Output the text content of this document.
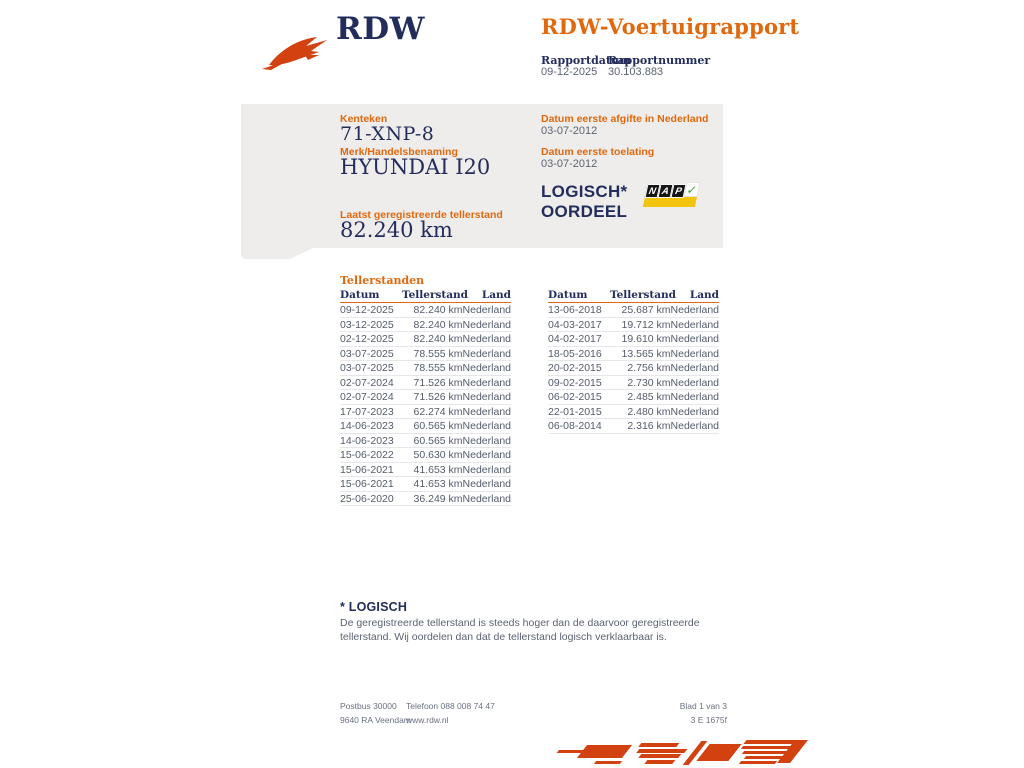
RDW	RDW-Voertuigrapport
Rapportdatum
Rapportnummer
09-12-2025 30.103.883
Kenteken
71-XNP-8
Merk/Handelsbenaming
HYUNDAI I20
Laatst geregistreerde tellerstand
82.240 km
Datum eerste afgifte in Nederland
03-07-2012
Datum eerste toelating
03-07-2012
LOGISCH*
OORDEEL
N A P ✓
Tellerstanden
Datum	Tellerstand	Land
09-12-2025	82.240 km Nederland
03-12-2025	82.240 km Nederland
02-12-2025	82.240 km Nederland
03-07-2025	78.555 km Nederland
03-07-2025	78.555 km Nederland
02-07-2024	71.526 km Nederland
02-07-2024	71.526 km Nederland
17-07-2023	62.274 km Nederland
14-06-2023	60.565 km Nederland
14-06-2023	60.565 km Nederland
15-06-2022	50.630 km Nederland
15-06-2021	41.653 km Nederland
15-06-2021	41.653 km Nederland
25-06-2020	36.249 km Nederland
Datum	Tellerstand	Land
13-06-2018	25.687 km Nederland
04-03-2017	19.712 km Nederland
04-02-2017	19.610 km Nederland
18-05-2016	13.565 km Nederland
20-02-2015	2.756 km Nederland
09-02-2015	2.730 km Nederland
06-02-2015	2.485 km Nederland
22-01-2015	2.480 km Nederland
06-08-2014	2.316 km Nederland
* LOGISCH

De geregistreerde tellerstand is steeds hoger dan de daarvoor geregistreerde tellerstand. Wij oordelen dan dat de tellerstand logisch verklaarbaar is.

Postbus 30000
9640 RA Veendam
Telefoon 088 008 74 47
www.rdw.nl
Blad 1 van 3
3 E 1675f
